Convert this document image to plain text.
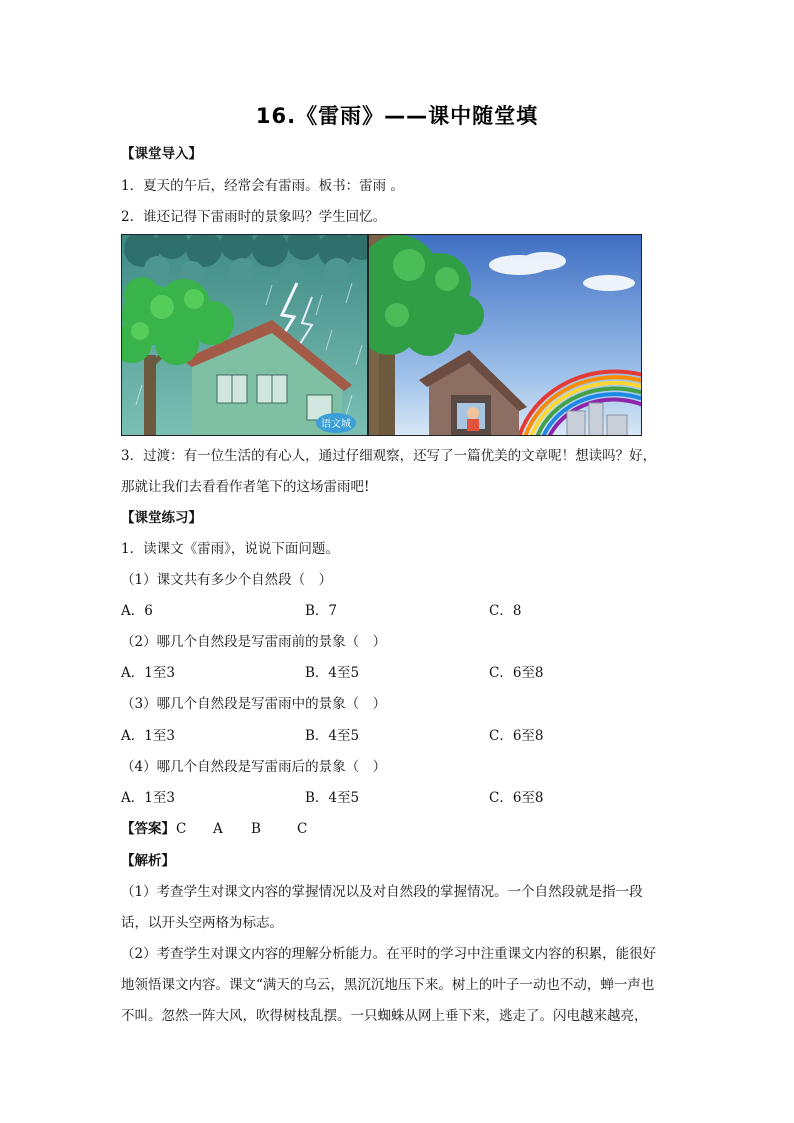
16.《雷雨》——课中随堂填
【课堂导入】
1．夏天的午后，经常会有雷雨。板书：雷雨 。
2．谁还记得下雷雨时的景象吗？学生回忆。
语文城
3．过渡：有一位生活的有心人，通过仔细观察，还写了一篇优美的文章呢！想读吗？好，
那就让我们去看看作者笔下的这场雷雨吧!
【课堂练习】
1．读课文《雷雨》，说说下面问题。
（1）课文共有多少个自然段（　）
A．6	B．7	C．8
（2）哪几个自然段是写雷雨前的景象（　）
A．1至3	B．4至5	C．6至8
（3）哪几个自然段是写雷雨中的景象（　）
A．1至3	B．4至5	C．6至8
（4）哪几个自然段是写雷雨后的景象（　）
A．1至3	B．4至5	C．6至8
【答案】 C A B	C
【解析】
（1）考查学生对课文内容的掌握情况以及对自然段的掌握情况。一个自然段就是指一段
话，以开头空两格为标志。
（2）考查学生对课文内容的理解分析能力。在平时的学习中注重课文内容的积累，能很好
地领悟课文内容。课文“满天的乌云，黑沉沉地压下来。树上的叶子一动也不动，蝉一声也
不叫。忽然一阵大风，吹得树枝乱摆。一只蜘蛛从网上垂下来，逃走了。闪电越来越亮，
